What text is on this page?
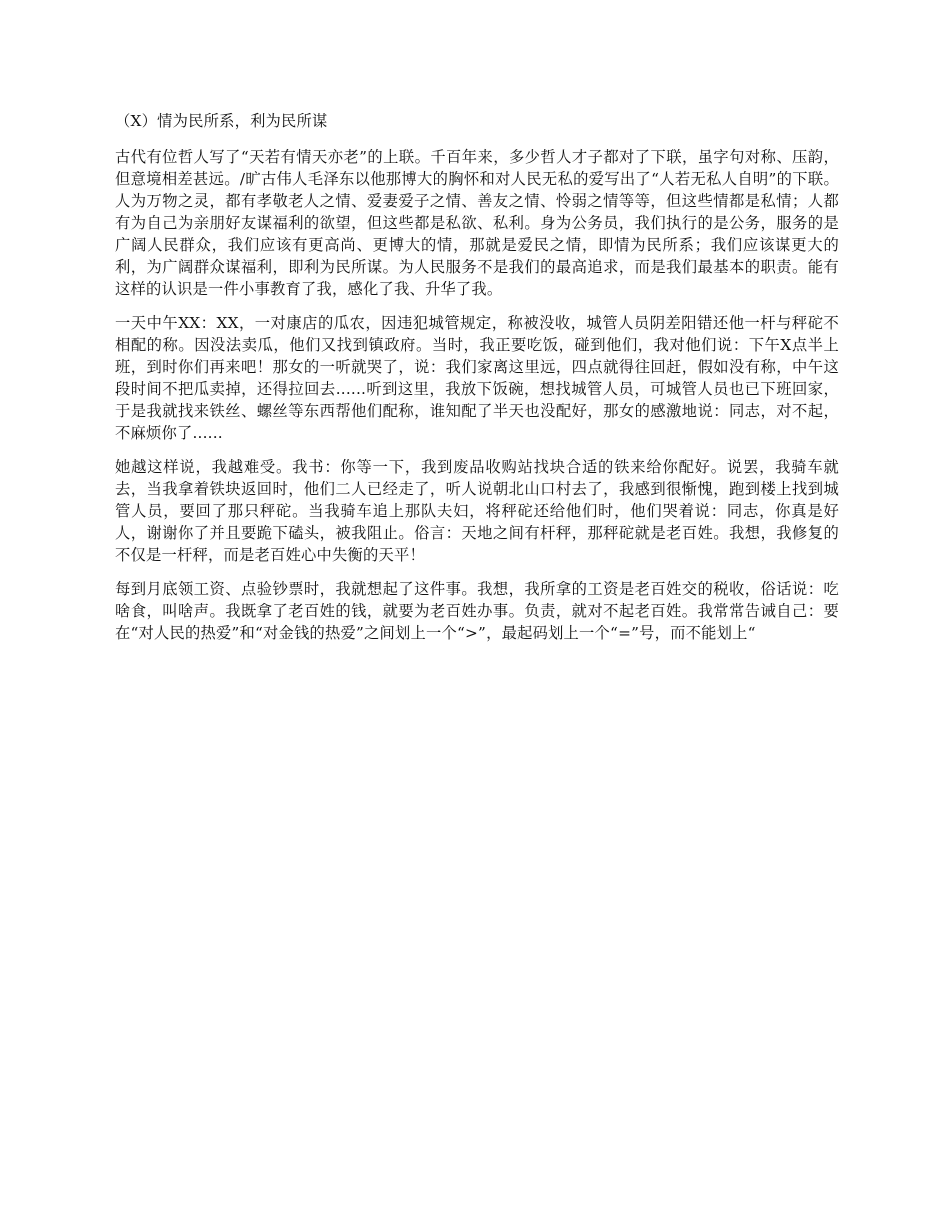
（X）情为民所系，利为民所谋

古代有位哲人写了“天若有情天亦老”的上联。千百年来，多少哲人才子都对了下联，虽字句对称、压韵，但意境相差甚远。/旷古伟人毛泽东以他那博大的胸怀和对人民无私的爱写出了“人若无私人自明”的下联。人为万物之灵，都有孝敬老人之情、爱妻爱子之情、善友之情、怜弱之情等等，但这些情都是私情；人都有为自己为亲朋好友谋福利的欲望，但这些都是私欲、私利。身为公务员，我们执行的是公务，服务的是广阔人民群众，我们应该有更高尚、更博大的情，那就是爱民之情，即情为民所系；我们应该谋更大的利，为广阔群众谋福利，即利为民所谋。为人民服务不是我们的最高追求，而是我们最基本的职责。能有这样的认识是一件小事教育了我，感化了我、升华了我。

一天中午XX：XX，一对康店的瓜农，因违犯城管规定，称被没收，城管人员阴差阳错还他一杆与秤砣不相配的称。因没法卖瓜，他们又找到镇政府。当时，我正要吃饭，碰到他们，我对他们说：下午X点半上班，到时你们再来吧！那女的一听就哭了，说：我们家离这里远，四点就得往回赶，假如没有称，中午这段时间不把瓜卖掉，还得拉回去......听到这里，我放下饭碗，想找城管人员，可城管人员也已下班回家，于是我就找来铁丝、螺丝等东西帮他们配称，谁知配了半天也没配好，那女的感激地说：同志，对不起，不麻烦你了......

她越这样说，我越难受。我书：你等一下，我到废品收购站找块合适的铁来给你配好。说罢，我骑车就去，当我拿着铁块返回时，他们二人已经走了，听人说朝北山口村去了，我感到很惭愧，跑到楼上找到城管人员，要回了那只秤砣。当我骑车追上那队夫妇，将秤砣还给他们时，他们哭着说：同志，你真是好人，谢谢你了并且要跪下磕头，被我阻止。俗言：天地之间有杆秤，那秤砣就是老百姓。我想，我修复的不仅是一杆秤，而是老百姓心中失衡的天平！

每到月底领工资、点验钞票时，我就想起了这件事。我想，我所拿的工资是老百姓交的税收，俗话说：吃啥食，叫啥声。我既拿了老百姓的钱，就要为老百姓办事。负责，就对不起老百姓。我常常告诫自己：要在“对人民的热爱”和“对金钱的热爱”之间划上一个“>”，最起码划上一个“=”号，而不能划上“
